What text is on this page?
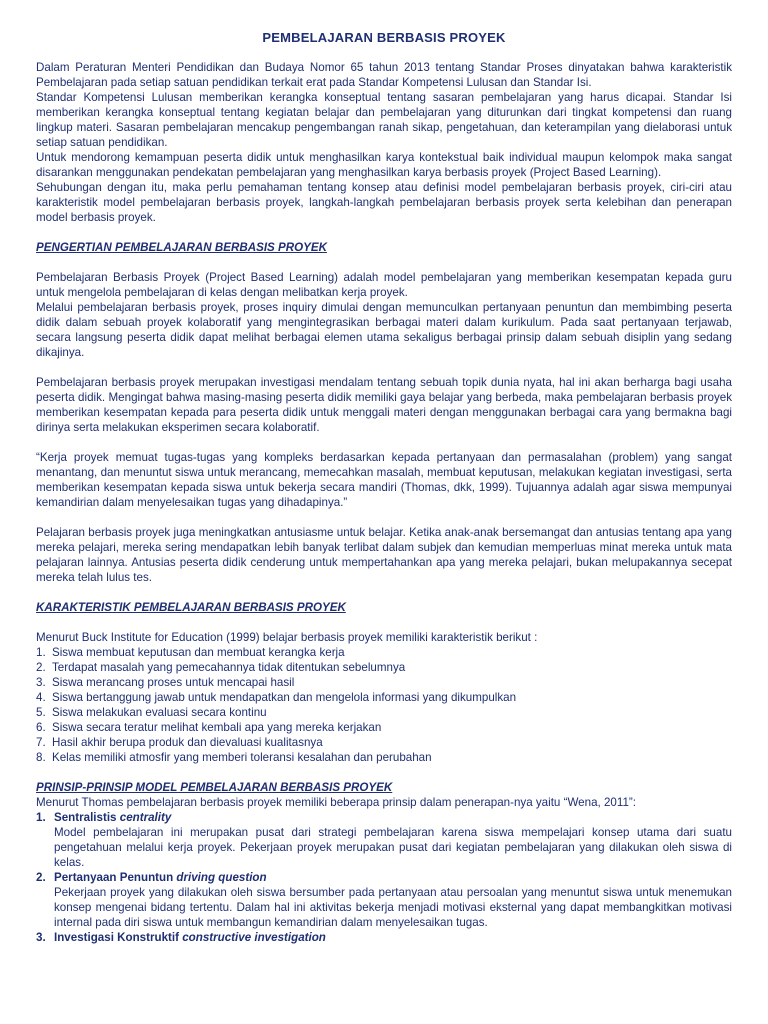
PEMBELAJARAN BERBASIS PROYEK

Dalam Peraturan Menteri Pendidikan dan Budaya Nomor 65 tahun 2013 tentang Standar Proses dinyatakan bahwa karakteristik Pembelajaran pada setiap satuan pendidikan terkait erat pada Standar Kompetensi Lulusan dan Standar Isi.

Standar Kompetensi Lulusan memberikan kerangka konseptual tentang sasaran pembelajaran yang harus dicapai. Standar Isi memberikan kerangka konseptual tentang kegiatan belajar dan pembelajaran yang diturunkan dari tingkat kompetensi dan ruang lingkup materi. Sasaran pembelajaran mencakup pengembangan ranah sikap, pengetahuan, dan keterampilan yang dielaborasi untuk setiap satuan pendidikan.

Untuk mendorong kemampuan peserta didik untuk menghasilkan karya kontekstual baik individual maupun kelompok maka sangat disarankan menggunakan pendekatan pembelajaran yang menghasilkan karya berbasis proyek (Project Based Learning).

Sehubungan dengan itu, maka perlu pemahaman tentang konsep atau definisi model pembelajaran berbasis proyek, ciri-ciri atau karakteristik model pembelajaran berbasis proyek, langkah-langkah pembelajaran berbasis proyek serta kelebihan dan penerapan model berbasis proyek.

PENGERTIAN PEMBELAJARAN BERBASIS PROYEK

Pembelajaran Berbasis Proyek (Project Based Learning) adalah model pembelajaran yang memberikan kesempatan kepada guru untuk mengelola pembelajaran di kelas dengan melibatkan kerja proyek.

Melalui pembelajaran berbasis proyek, proses inquiry dimulai dengan memunculkan pertanyaan penuntun dan membimbing peserta didik dalam sebuah proyek kolaboratif yang mengintegrasikan berbagai materi dalam kurikulum. Pada saat pertanyaan terjawab, secara langsung peserta didik dapat melihat berbagai elemen utama sekaligus berbagai prinsip dalam sebuah disiplin yang sedang dikajinya.

Pembelajaran berbasis proyek merupakan investigasi mendalam tentang sebuah topik dunia nyata, hal ini akan berharga bagi usaha peserta didik. Mengingat bahwa masing-masing peserta didik memiliki gaya belajar yang berbeda, maka pembelajaran berbasis proyek memberikan kesempatan kepada para peserta didik untuk menggali materi dengan menggunakan berbagai cara yang bermakna bagi dirinya serta melakukan eksperimen secara kolaboratif.

“Kerja proyek memuat tugas-tugas yang kompleks berdasarkan kepada pertanyaan dan permasalahan (problem) yang sangat menantang, dan menuntut siswa untuk merancang, memecahkan masalah, membuat keputusan, melakukan kegiatan investigasi, serta memberikan kesempatan kepada siswa untuk bekerja secara mandiri (Thomas, dkk, 1999). Tujuannya adalah agar siswa mempunyai kemandirian dalam menyelesaikan tugas yang dihadapinya.”

Pelajaran berbasis proyek juga meningkatkan antusiasme untuk belajar. Ketika anak-anak bersemangat dan antusias tentang apa yang mereka pelajari, mereka sering mendapatkan lebih banyak terlibat dalam subjek dan kemudian memperluas minat mereka untuk mata pelajaran lainnya. Antusias peserta didik cenderung untuk mempertahankan apa yang mereka pelajari, bukan melupakannya secepat mereka telah lulus tes.

KARAKTERISTIK PEMBELAJARAN BERBASIS PROYEK

Menurut Buck Institute for Education (1999) belajar berbasis proyek memiliki karakteristik berikut :

1. Siswa membuat keputusan dan membuat kerangka kerja
2. Terdapat masalah yang pemecahannya tidak ditentukan sebelumnya
3. Siswa merancang proses untuk mencapai hasil
4. Siswa bertanggung jawab untuk mendapatkan dan mengelola informasi yang dikumpulkan
5. Siswa melakukan evaluasi secara kontinu
6. Siswa secara teratur melihat kembali apa yang mereka kerjakan
7. Hasil akhir berupa produk dan dievaluasi kualitasnya
8. Kelas memiliki atmosfir yang memberi toleransi kesalahan dan perubahan
PRINSIP-PRINSIP MODEL PEMBELAJARAN BERBASIS PROYEK

Menurut Thomas pembelajaran berbasis proyek memiliki beberapa prinsip dalam penerapan-nya yaitu “Wena, 2011”:

1. Sentralistis centrality
Model pembelajaran ini merupakan pusat dari strategi pembelajaran karena siswa mempelajari konsep utama dari suatu pengetahuan melalui kerja proyek. Pekerjaan proyek merupakan pusat dari kegiatan pembelajaran yang dilakukan oleh siswa di kelas.
2. Pertanyaan Penuntun driving question
Pekerjaan proyek yang dilakukan oleh siswa bersumber pada pertanyaan atau persoalan yang menuntut siswa untuk menemukan konsep mengenai bidang tertentu. Dalam hal ini aktivitas bekerja menjadi motivasi eksternal yang dapat membangkitkan motivasi internal pada diri siswa untuk membangun kemandirian dalam menyelesaikan tugas.
3. Investigasi Konstruktif constructive investigation
